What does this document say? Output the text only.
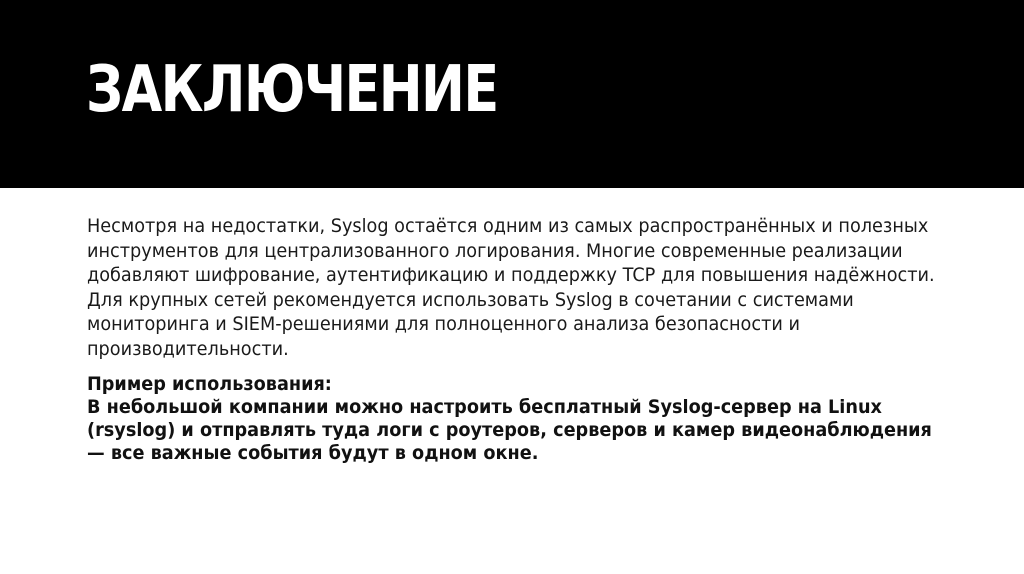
ЗАКЛЮЧЕНИЕ

Несмотря на недостатки, Syslog остаётся одним из самых распространённых и полезных инструментов для централизованного логирования. Многие современные реализации добавляют шифрование, аутентификацию и поддержку TCP для повышения надёжности. Для крупных сетей рекомендуется использовать Syslog в сочетании с системами мониторинга и SIEM-решениями для полноценного анализа безопасности и производительности.

Пример использования:
В небольшой компании можно настроить бесплатный Syslog-сервер на Linux (rsyslog) и отправлять туда логи с роутеров, серверов и камер видеонаблюдения — все важные события будут в одном окне.
